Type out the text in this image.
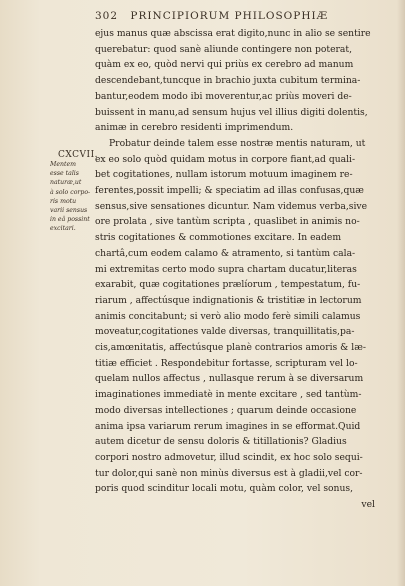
302 PRINCIPIORUM PHILOSOPHIÆ
CXCVII.
Mentem
esse talis
naturæ,ut
à solo corpo-
ris motu
varii sensus
in eâ possint
excitari.
ejus manus quæ abscissa erat digito,nunc in alio se sentire
querebatur: quod sanè aliunde contingere non poterat,
quàm ex eo, quòd nervi qui priùs ex cerebro ad manum
descendebant,tuncque in brachio juxta cubitum termina-
bantur,eodem modo ibi moverentur,ac priùs moveri de-
buissent in manu,ad sensum hujus vel illius digiti dolentis,
animæ in cerebro residenti imprimendum.
Probatur deinde talem esse nostræ mentis naturam, ut
ex eo solo quòd quidam motus in corpore fiant,ad quali-
bet cogitationes, nullam istorum motuum imaginem re-
ferentes,possit impelli; & speciatim ad illas confusas,quæ
sensus,sive sensationes dicuntur. Nam videmus verba,sive
ore prolata , sive tantùm scripta , quaslibet in animis no-
stris cogitationes & commotiones excitare. In eadem
chartâ,cum eodem calamo & atramento, si tantùm cala-
mi extremitas certo modo supra chartam ducatur,literas
exarabit, quæ cogitationes prælíorum , tempestatum, fu-
riarum , affectúsque indignationis & tristitiæ in lectorum
animis concitabunt; si verò alio modo ferè simili calamus
moveatur,cogitationes valde diversas, tranquillitatis,pa-
cis,amœnitatis, affectúsque planè contrarios amoris & læ-
titiæ efficiet . Respondebitur fortasse, scripturam vel lo-
quelam nullos affectus , nullasque rerum à se diversarum
imaginationes immediatè in mente excitare , sed tantùm-
modo diversas intellectiones ; quarum deinde occasione
anima ipsa variarum rerum imagines in se efformat.Quid
autem dicetur de sensu doloris & titillationis? Gladius
corpori nostro admovetur, illud scindit, ex hoc solo sequi-
tur dolor,qui sanè non minùs diversus est à gladii,vel cor-
poris quod scinditur locali motu, quàm color, vel sonus,
vel
